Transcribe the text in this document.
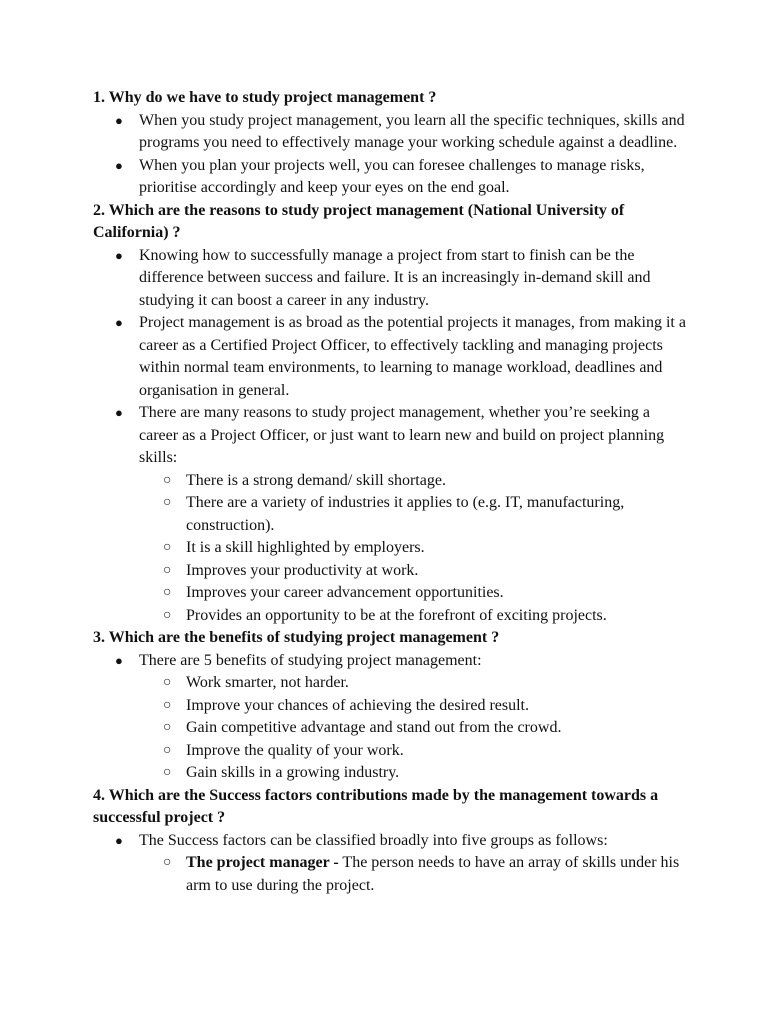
1. Why do we have to study project management ?

● When you study project management, you learn all the specific techniques, skills and programs you need to effectively manage your working schedule against a deadline.
● When you plan your projects well, you can foresee challenges to manage risks, prioritise accordingly and keep your eyes on the end goal.

2. Which are the reasons to study project management (National University of California) ?

● Knowing how to successfully manage a project from start to finish can be the difference between success and failure. It is an increasingly in-demand skill and studying it can boost a career in any industry.
● Project management is as broad as the potential projects it manages, from making it a career as a Certified Project Officer, to effectively tackling and managing projects within normal team environments, to learning to manage workload, deadlines and organisation in general.
● There are many reasons to study project management, whether you’re seeking a career as a Project Officer, or just want to learn new and build on project planning skills:
○ There is a strong demand/ skill shortage.
○ There are a variety of industries it applies to (e.g. IT, manufacturing, construction).
○ It is a skill highlighted by employers.
○ Improves your productivity at work.
○ Improves your career advancement opportunities.
○ Provides an opportunity to be at the forefront of exciting projects.

3. Which are the benefits of studying project management ?

● There are 5 benefits of studying project management:
○ Work smarter, not harder.
○ Improve your chances of achieving the desired result.
○ Gain competitive advantage and stand out from the crowd.
○ Improve the quality of your work.
○ Gain skills in a growing industry.

4. Which are the Success factors contributions made by the management towards a successful project ?

● The Success factors can be classified broadly into five groups as follows:
○ The project manager - The person needs to have an array of skills under his arm to use during the project.
